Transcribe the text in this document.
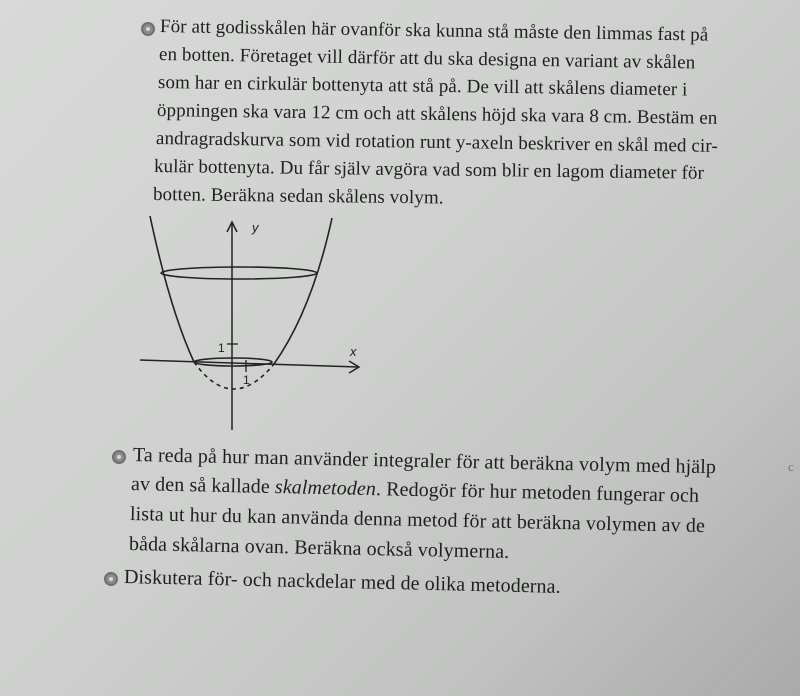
För att godisskålen här ovanför ska kunna stå måste den limmas fast på
en botten. Företaget vill därför att du ska designa en variant av skålen
som har en cirkulär bottenyta att stå på. De vill att skålens diameter i
öppningen ska vara 12 cm och att skålens höjd ska vara 8 cm. Bestäm en
andragradskurva som vid rotation runt y-axeln beskriver en skål med cir-
kulär bottenyta. Du får själv avgöra vad som blir en lagom diameter för
botten. Beräkna sedan skålens volym.
y
x
1
1
Ta reda på hur man använder integraler för att beräkna volym med hjälp
av den så kallade skalmetoden. Redogör för hur metoden fungerar och
lista ut hur du kan använda denna metod för att beräkna volymen av de
båda skålarna ovan. Beräkna också volymerna.
Diskutera för- och nackdelar med de olika metoderna.
c
